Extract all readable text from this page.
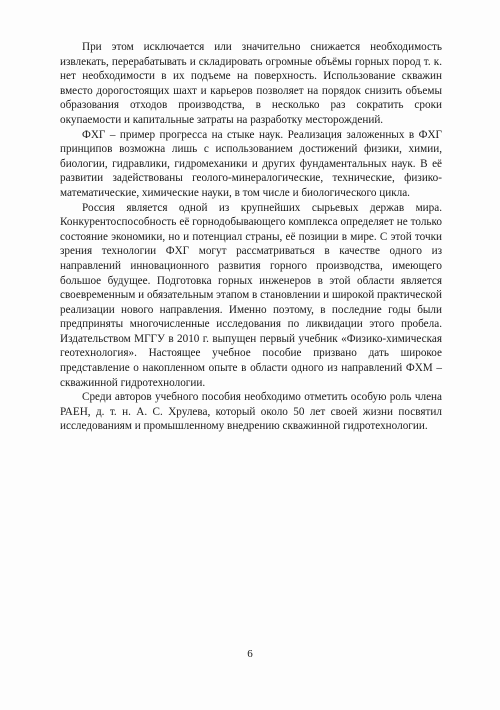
При этом исключается или значительно снижается необходимость извлекать, перерабатывать и складировать огромные объёмы горных пород т. к. нет необходимости в их подъеме на поверхность. Использование скважин вместо дорогостоящих шахт и карьеров позволяет на порядок снизить объемы образования отходов производства, в несколько раз сократить сроки окупаемости и капитальные затраты на разработку месторождений.

ФХГ – пример прогресса на стыке наук. Реализация заложенных в ФХГ принципов возможна лишь с использованием достижений физики, химии, биологии, гидравлики, гидромеханики и других фундаментальных наук. В её развитии задействованы геолого-минералогические, технические, физико-математические, химические науки, в том числе и биологического цикла.

Россия является одной из крупнейших сырьевых держав мира. Конкурентоспособность её горнодобывающего комплекса определяет не только состояние экономики, но и потенциал страны, её позиции в мире. С этой точки зрения технологии ФХГ могут рассматриваться в качестве одного из направлений инновационного развития горного производства, имеющего большое будущее. Подготовка горных инженеров в этой области является своевременным и обязательным этапом в становлении и широкой практической реализации нового направления. Именно поэтому, в последние годы были предприняты многочисленные исследования по ликвидации этого пробела. Издательством МГГУ в 2010 г. выпущен первый учебник «Физико-химическая геотехнология». Настоящее учебное пособие призвано дать широкое представление о накопленном опыте в области одного из направлений ФХМ – скважинной гидротехнологии.

Среди авторов учебного пособия необходимо отметить особую роль члена РАЕН, д. т. н. А. С. Хрулева, который около 50 лет своей жизни посвятил исследованиям и промышленному внедрению скважинной гидротехнологии.

6
